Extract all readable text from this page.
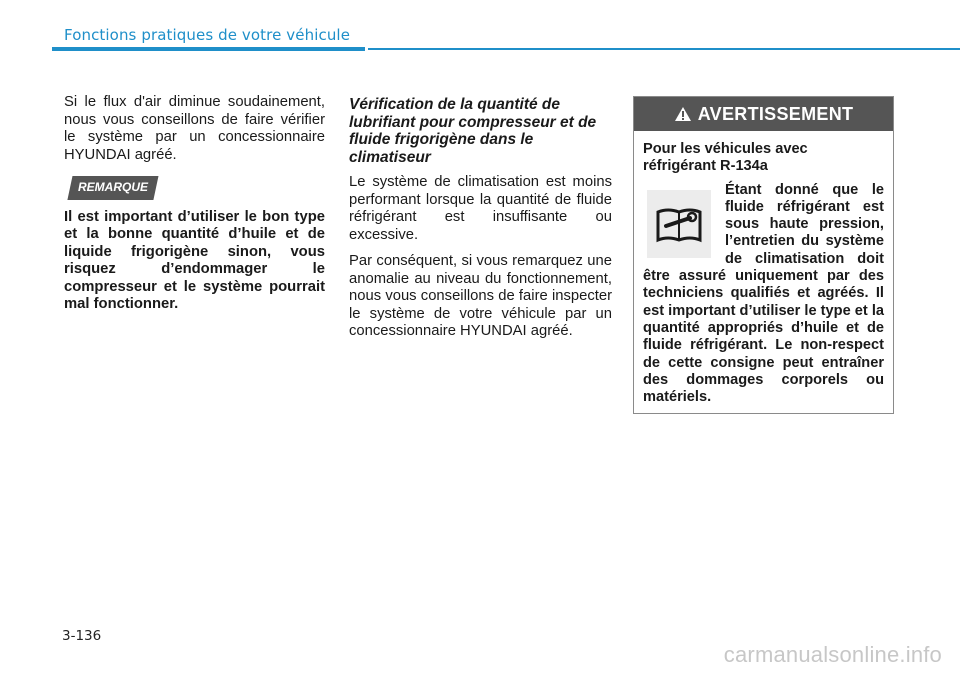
Fonctions pratiques de votre véhicule

Si le flux d'air diminue soudainement, nous vous conseillons de faire vérifier le système par un concessionnaire HYUNDAI agréé.

REMARQUE

Il est important d’utiliser le bon type et la bonne quantité d’huile et de liquide frigorigène sinon, vous risquez d’endommager le compresseur et le système pourrait mal fonctionner.

Vérification de la quantité de lubrifiant pour compresseur et de fluide frigorigène dans le climatiseur

Le système de climatisation est moins performant lorsque la quantité de fluide réfrigérant est insuffisante ou excessive.

Par conséquent, si vous remarquez une anomalie au niveau du fonctionnement, nous vous conseillons de faire inspecter le système de votre véhicule par un concessionnaire HYUNDAI agréé.

AVERTISSEMENT

Pour les véhicules avec réfrigérant R-134a

Étant donné que le fluide réfrigérant est sous haute pression, l’entretien du système de climatisation doit être assuré uniquement par des techniciens qualifiés et agréés. Il est important d’utiliser le type et la quantité appropriés d’huile et de fluide réfrigérant. Le non-respect de cette consigne peut entraîner des dommages corporels ou matériels.

3-136
carmanualsonline.info
